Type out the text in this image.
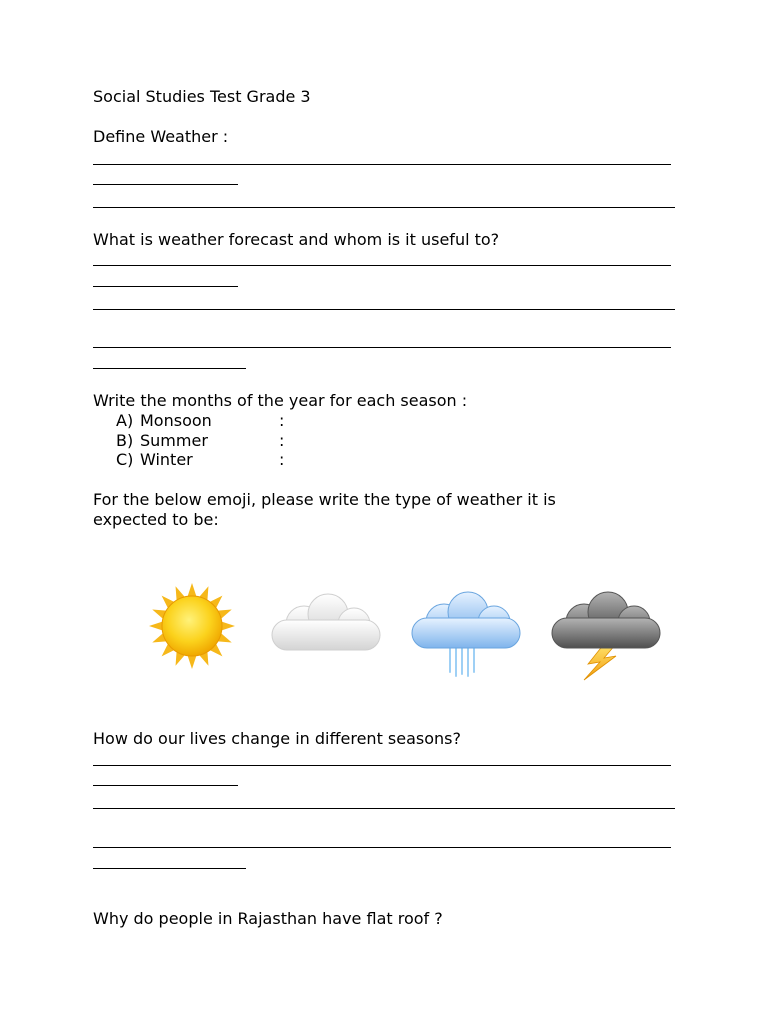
Social Studies Test Grade 3
Define Weather :
What is weather forecast and whom is it useful to?
Write the months of the year for each season :
A) Monsoon	:
B) Summer	:
C) Winter	:
For the below emoji, please write the type of weather it is
expected to be:
How do our lives change in different seasons?
Why do people in Rajasthan have flat roof ?
